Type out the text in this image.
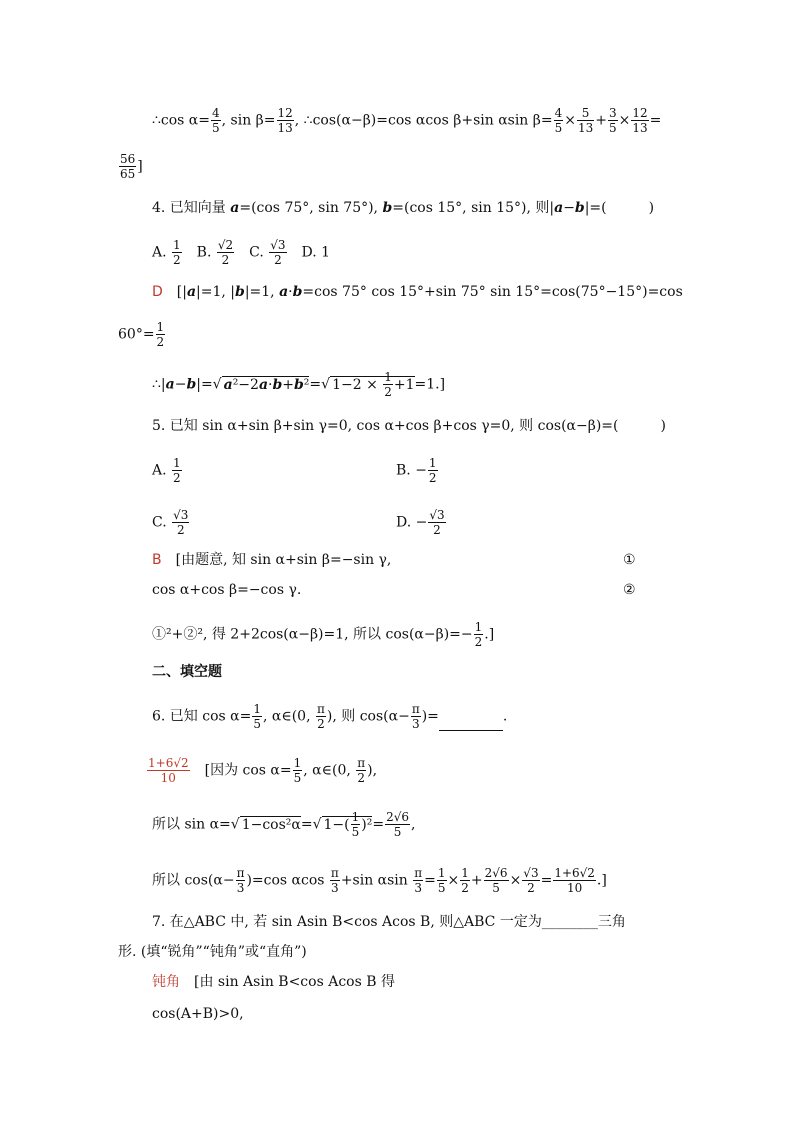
∴cos $\alpha= \frac{4}{5}$ , $\sin \beta= \frac{12}{13}$ , ∴cos(α−β)=cos αcos β+sin αsin $\beta= \frac{4}{5} \times \frac{5}{13} + \frac{3}{5} \times \frac{12}{13}$ =
$\frac{56}{65}$ ]
4. 已知向量 a=(cos 75°, sin 75°), b=(cos 15°, sin 15°), 则|a−b|=(　　　)
A. $\frac{1}{2}$ 　B. $\frac{√2}{2}$ 　C. $\frac{√3}{2}$ 　D. 1
D　[|a|=1, |b|=1, a·b=cos 75° cos 15°+sin 75° sin 15°=cos(75°−15°)=cos
$60^\circ= \frac{1}{2}$
∴|a−b|=√ a²−2a·b+b²=√ $1-2 \times \frac{1}{2} +1=1$.]
5. 已知 sin α+sin β+sin γ=0, cos α+cos β+cos γ=0, 则 cos(α−β)=(　　　)
A. $\frac{1}{2}$	B. − $\frac{1}{2}$
C. $\frac{√3}{2}$	D. − $\frac{√3}{2}$
B　[由题意, 知 sin α+sin β=−sin γ,	①
cos α+cos β=−cos γ.	②
①²+②², 得 2+2cos(α−β)=1, 所以 $\cos(\alpha-\beta)=- \frac{1}{2}$ .]
二、填空题
6. 已知 $\cos \alpha= \frac{1}{5}$ , α∈(0, $\frac{\pi}{2}$ ), 则 $\cos(\alpha- \frac{\pi}{3}$ )=	.
$\frac{1+6√2}{10}$ 　[因为 $\cos \alpha= \frac{1}{5}$ , α∈(0, $\frac{\pi}{2}$ ),
所以 sin α=√ 1−cos²α=√ $1-( \frac{1}{5} )^2= \frac{2√6}{5}$ ,
所以 $\cos(\alpha- \frac{\pi}{3} )=\cos$ αcos $\frac{\pi}{3} +\sin$ αsin $\frac{\pi}{3} = \frac{1}{5} \times \frac{1}{2} + \frac{2√6}{5} \times \frac{√3}{2} = \frac{1+6√2}{10}$ .]
7. 在△ABC 中, 若 sin Asin B<cos Acos B, 则△ABC 一定为________三角
形. (填“锐角”“钝角”或“直角”)
钝角　 [由 sin Asin B<cos Acos B 得
cos(A+B)>0,
